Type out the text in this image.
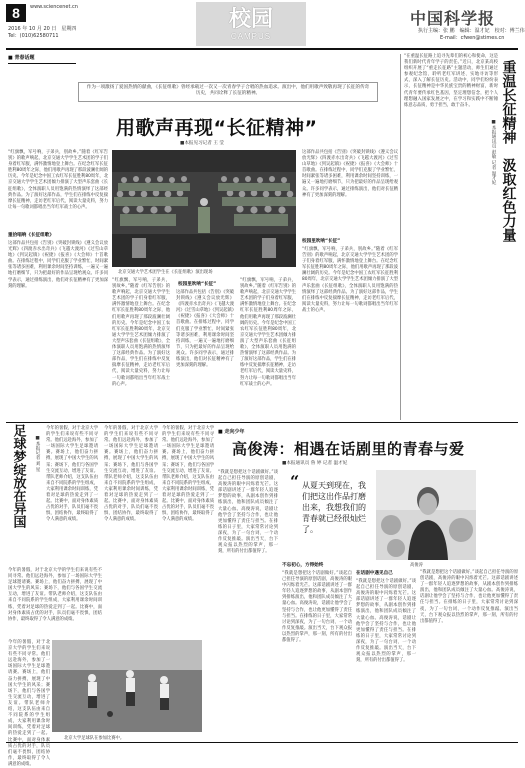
8	www.sciencenet.cn
2016 年 10 月 20 日　星期四
Tel：(010)62580711
校园
CAMPUS
中国科学报
执行主编：张 鹏　编辑：温才妃　校对：傅兰伟
E-mail：cfwen@stimes.cn
■ 青春话题
作为一项激扬了爱国热情的献曲，《长征组歌》曾经承载过一次又一次青春学子合唱的热血追求。演出中，他们用歌声致敬再现了长征的传奇历史，共同诠释了长征的精神。
用歌声再现“长征精神”
■本报见习记者 王 莹
“红旗飘，军号响，子弟兵，别故乡。”随着《红军告别》的歌声响起，北京交通大学学生艺术团的学子们身着红军服，满怀激情地登上舞台。在纪念红军长征胜利80周年之际，他们用歌声再现了那段波澜壮阔的历史。今年是纪念中国工农红军长征胜利80周年，北京交通大学学生艺术团倾力排演了大型声乐套曲《长征组歌》，全体演职人员用饱满的热情演绎了这部经典作品。为了演好这部作品，学生们在排练中反复揣摩长征精神，走访老红军后代，阅读大量史料，努力让每一句歌词都唱出当年红军战士的心声。
重拾唱响《长征组歌》
这部作品共包括《告别》《突破封锁线》《遵义会议放光辉》《四渡赤水出奇兵》《飞越大渡河》《过雪山草地》《到吴起镇》《祝捷》《报喜》《大会师》十首歌曲。在排练过程中，同学们克服了学业繁忙、时间紧张等诸多困难，利用课余时间坚持训练，一遍又一遍地打磨细节，只为把最好的作品呈现给观众。许多同学表示，通过排练演出，他们对长征精神有了更加深刻的理解。
北京交通大学艺术团学生在《长征组歌》演出现场
“红旗飘，军号响，子弟兵，别故乡。”随着《红军告别》的歌声响起，北京交通大学学生艺术团的学子们身着红军服，满怀激情地登上舞台。在纪念红军长征胜利80周年之际，他们用歌声再现了那段波澜壮阔的历史。今年是纪念中国工农红军长征胜利80周年，北京交通大学学生艺术团倾力排演了大型声乐套曲《长征组歌》，全体演职人员用饱满的热情演绎了这部经典作品。为了演好这部作品，学生们在排练中反复揣摩长征精神，走访老红军后代，阅读大量史料，努力让每一句歌词都唱出当年红军战士的心声。
校园里吹响“长征”
这部作品共包括《告别》《突破封锁线》《遵义会议放光辉》《四渡赤水出奇兵》《飞越大渡河》《过雪山草地》《到吴起镇》《祝捷》《报喜》《大会师》十首歌曲。在排练过程中，同学们克服了学业繁忙、时间紧张等诸多困难，利用课余时间坚持训练，一遍又一遍地打磨细节，只为把最好的作品呈现给观众。许多同学表示，通过排练演出，他们对长征精神有了更加深刻的理解。
“红旗飘，军号响，子弟兵，别故乡。”随着《红军告别》的歌声响起，北京交通大学学生艺术团的学子们身着红军服，满怀激情地登上舞台。在纪念红军长征胜利80周年之际，他们用歌声再现了那段波澜壮阔的历史。今年是纪念中国工农红军长征胜利80周年，北京交通大学学生艺术团倾力排演了大型声乐套曲《长征组歌》，全体演职人员用饱满的热情演绎了这部经典作品。为了演好这部作品，学生们在排练中反复揣摩长征精神，走访老红军后代，阅读大量史料，努力让每一句歌词都唱出当年红军战士的心声。
这部作品共包括《告别》《突破封锁线》《遵义会议放光辉》《四渡赤水出奇兵》《飞越大渡河》《过雪山草地》《到吴起镇》《祝捷》《报喜》《大会师》十首歌曲。在排练过程中，同学们克服了学业繁忙、时间紧张等诸多困难，利用课余时间坚持训练，一遍又一遍地打磨细节，只为把最好的作品呈现给观众。许多同学表示，通过排练演出，他们对长征精神有了更加深刻的理解。
校园里吹响“长征”
“红旗飘，军号响，子弟兵，别故乡。”随着《红军告别》的歌声响起，北京交通大学学生艺术团的学子们身着红军服，满怀激情地登上舞台。在纪念红军长征胜利80周年之际，他们用歌声再现了那段波澜壮阔的历史。今年是纪念中国工农红军长征胜利80周年，北京交通大学学生艺术团倾力排演了大型声乐套曲《长征组歌》，全体演职人员用饱满的热情演绎了这部经典作品。为了演好这部作品，学生们在排练中反复揣摩长征精神，走访老红军后代，阅读大量史料，努力让每一句歌词都唱出当年红军战士的心声。
“在重温长征路上追寻先辈们的初心和使命，这是我们新时代青年学子的责任。”近日，北京某高校组织开展了“重走长征路”主题活动，师生们通过参观纪念馆、聆听老红军讲述、实地寻访等形式，深入了解长征历史。活动中，同学们纷纷表示，长征精神是中华民族宝贵的精神财富，新时代青年要传承红色基因，坚定理想信念，把个人理想融入国家发展之中，在学习和实践中不断锤炼意志品质，勇于担当，敢于奋斗。	重温长征精神　汲取红色力量
■本报通讯员 赵敏 记者 温才妃
足球梦绽放在异国 ■本报记者 刘 星
今年的暑假，对于北京大学的学生们来说有些不同寻常。他们远赴海外，参加了一场国际大学生足球邀请赛。赛场上，他们奋力拼搏，展现了中国大学生的风采；赛场下，他们与各国学生交流互动，增进了友谊。带队老师介绍，这支队伍由来自不同院系的学生组成，大家利用课余时间训练，凭着对足球的热爱走到了一起。比赛中，面对身体素质占优的对手，队员们毫不畏惧，团结协作，最终取得了令人满意的成绩。
今年的暑假，对于北京大学的学生们来说有些不同寻常。他们远赴海外，参加了一场国际大学生足球邀请赛。赛场上，他们奋力拼搏，展现了中国大学生的风采；赛场下，他们与各国学生交流互动，增进了友谊。带队老师介绍，这支队伍由来自不同院系的学生组成，大家利用课余时间训练，凭着对足球的热爱走到了一起。比赛中，面对身体素质占优的对手，队员们毫不畏惧，团结协作，最终取得了令人满意的成绩。
今年的暑假，对于北京大学的学生们来说有些不同寻常。他们远赴海外，参加了一场国际大学生足球邀请赛。赛场上，他们奋力拼搏，展现了中国大学生的风采；赛场下，他们与各国学生交流互动，增进了友谊。带队老师介绍，这支队伍由来自不同院系的学生组成，大家利用课余时间训练，凭着对足球的热爱走到了一起。比赛中，面对身体素质占优的对手，队员们毫不畏惧，团结协作，最终取得了令人满意的成绩。
今年的暑假，对于北京大学的学生们来说有些不同寻常。他们远赴海外，参加了一场国际大学生足球邀请赛。赛场上，他们奋力拼搏，展现了中国大学生的风采；赛场下，他们与各国学生交流互动，增进了友谊。带队老师介绍，这支队伍由来自不同院系的学生组成，大家利用课余时间训练，凭着对足球的热爱走到了一起。比赛中，面对身体素质占优的对手，队员们毫不畏惧，团结协作，最终取得了令人满意的成绩。
北京大学足球队在参加比赛中。
今年的暑假，对于北京大学的学生们来说有些不同寻常。他们远赴海外，参加了一场国际大学生足球邀请赛。赛场上，他们奋力拼搏，展现了中国大学生的风采；赛场下，他们与各国学生交流互动，增进了友谊。带队老师介绍，这支队伍由来自不同院系的学生组成，大家利用课余时间训练，凭着对足球的热爱走到了一起。比赛中，面对身体素质占优的对手，队员们毫不畏惧，团结协作，最终取得了令人满意的成绩。
■ 走向少年
高俊涛：相遇在话剧里的青春与爱
■本报通讯员 鲁 婷 记者 温才妃
“我就是想把这个话剧做好。”谈起自己担任导演的原创话剧，高俊涛的眼中闪烁着光芒。这部话剧讲述了一群年轻人追逐梦想的故事，从剧本创作到排练演出，他和团队成员倾注了大量心血。高俊涛说，话剧让他学会了坚持与合作，也让他更加懂得了责任与担当。在排练的日子里，大家常常讨论到深夜，为了一句台词、一个动作反复推敲。演出当天，台下观众报以热烈的掌声，那一刻，所有的付出都值得了。
不忘初心，方得始终
“我就是想把这个话剧做好。”谈起自己担任导演的原创话剧，高俊涛的眼中闪烁着光芒。这部话剧讲述了一群年轻人追逐梦想的故事，从剧本创作到排练演出，他和团队成员倾注了大量心血。高俊涛说，话剧让他学会了坚持与合作，也让他更加懂得了责任与担当。在排练的日子里，大家常常讨论到深夜，为了一句台词、一个动作反复推敲。演出当天，台下观众报以热烈的掌声，那一刻，所有的付出都值得了。
“ 从夏天到现在，我们把这出作品打磨出来，我想我们的青春就已经很灿烂了。
高俊涛
在话剧中遇见自己
“我就是想把这个话剧做好。”谈起自己担任导演的原创话剧，高俊涛的眼中闪烁着光芒。这部话剧讲述了一群年轻人追逐梦想的故事，从剧本创作到排练演出，他和团队成员倾注了大量心血。高俊涛说，话剧让他学会了坚持与合作，也让他更加懂得了责任与担当。在排练的日子里，大家常常讨论到深夜，为了一句台词、一个动作反复推敲。演出当天，台下观众报以热烈的掌声，那一刻，所有的付出都值得了。
“我就是想把这个话剧做好。”谈起自己担任导演的原创话剧，高俊涛的眼中闪烁着光芒。这部话剧讲述了一群年轻人追逐梦想的故事，从剧本创作到排练演出，他和团队成员倾注了大量心血。高俊涛说，话剧让他学会了坚持与合作，也让他更加懂得了责任与担当。在排练的日子里，大家常常讨论到深夜，为了一句台词、一个动作反复推敲。演出当天，台下观众报以热烈的掌声，那一刻，所有的付出都值得了。
